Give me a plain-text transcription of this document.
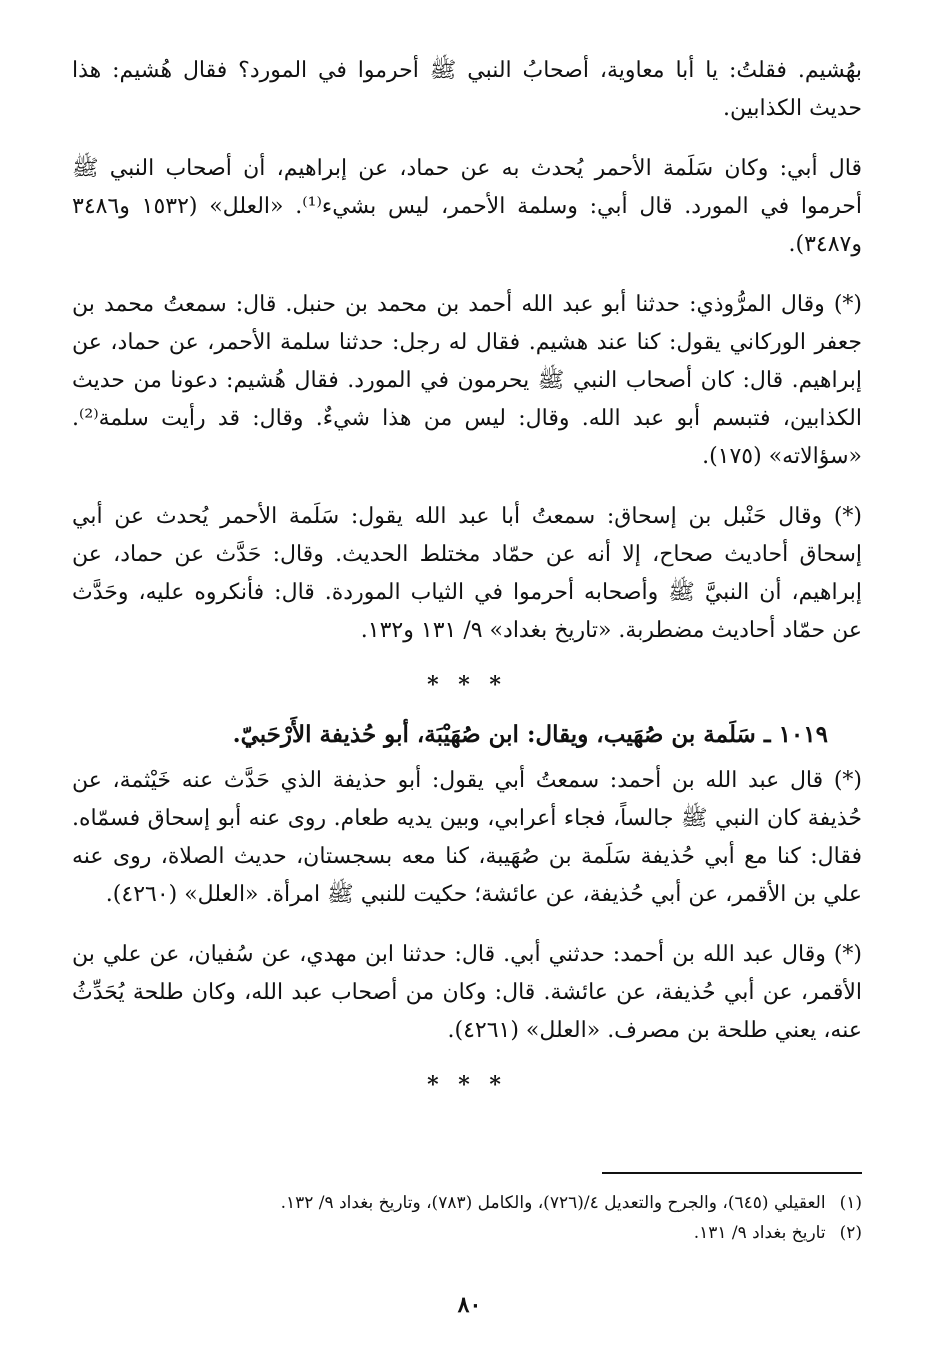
بهُشيم. فقلتُ: يا أبا معاوية، أصحابُ النبي ﷺ أحرموا في المورد؟ فقال هُشيم: هذا حديث الكذابين.

قال أبي: وكان سَلَمة الأحمر يُحدث به عن حماد، عن إبراهيم، أن أصحاب النبي ﷺ أحرموا في المورد. قال أبي: وسلمة الأحمر، ليس بشيء⁽¹⁾. «العلل» (١٥٣٢ و٣٤٨٦ و٣٤٨٧).

(*) وقال المرُّوذي: حدثنا أبو عبد الله أحمد بن محمد بن حنبل. قال: سمعتُ محمد بن جعفر الوركاني يقول: كنا عند هشيم. فقال له رجل: حدثنا سلمة الأحمر، عن حماد، عن إبراهيم. قال: كان أصحاب النبي ﷺ يحرمون في المورد. فقال هُشيم: دعونا من حديث الكذابين، فتبسم أبو عبد الله. وقال: ليس من هذا شيءٌ. وقال: قد رأيت سلمة⁽²⁾. «سؤالاته» (١٧٥).

(*) وقال حَنْبل بن إسحاق: سمعتُ أبا عبد الله يقول: سَلَمة الأحمر يُحدث عن أبي إسحاق أحاديث صحاح، إلا أنه عن حمّاد مختلط الحديث. وقال: حَدَّث عن حماد، عن إبراهيم، أن النبيَّ ﷺ وأصحابه أحرموا في الثياب الموردة. قال: فأنكروه عليه، وحَدَّث عن حمّاد أحاديث مضطربة. «تاريخ بغداد» ٩/ ١٣١ و١٣٢.

* * *
١٠١٩ ـ سَلَمة بن صُهَيب، ويقال: ابن صُهَيْبَة، أبو حُذيفة الأَرْحَبيّ.

(*) قال عبد الله بن أحمد: سمعتُ أبي يقول: أبو حذيفة الذي حَدَّث عنه خَيْثمة، عن حُذيفة كان النبي ﷺ جالساً، فجاء أعرابي، وبين يديه طعام. روى عنه أبو إسحاق فسمّاه. فقال: كنا مع أبي حُذيفة سَلَمة بن صُهَيبة، كنا معه بسجستان، حديث الصلاة، روى عنه علي بن الأقمر، عن أبي حُذيفة، عن عائشة؛ حكيت للنبي ﷺ امرأة. «العلل» (٤٢٦٠).

(*) وقال عبد الله بن أحمد: حدثني أبي. قال: حدثنا ابن مهدي، عن سُفيان، عن علي بن الأقمر، عن أبي حُذيفة، عن عائشة. قال: وكان من أصحاب عبد الله، وكان طلحة يُحَدِّثُ عنه، يعني طلحة بن مصرف. «العلل» (٤٢٦١).

* * *

(١)العقيلي (٦٤٥)، والجرح والتعديل ٤/(٧٢٦)، والكامل (٧٨٣)، وتاريخ بغداد ٩/ ١٣٢.

(٢)تاريخ بغداد ٩/ ١٣١.

٨٠
